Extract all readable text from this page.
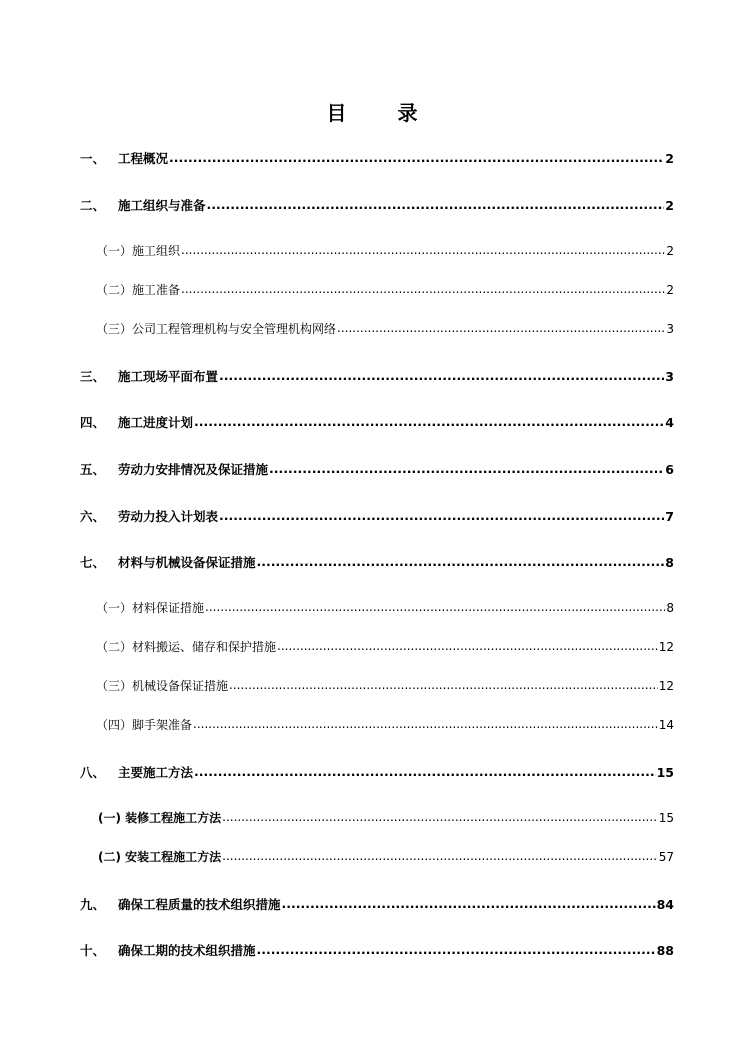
目 录
一、	工程概况 .....	2
二、	施工组织与准备 .....	2
（一）施工组织 .....	2
（二）施工准备 .....	2
（三）公司工程管理机构与安全管理机构网络 .....	3
三、	施工现场平面布置 .....	3
四、	施工进度计划 .....	4
五、	劳动力安排情况及保证措施 .....	6
六、	劳动力投入计划表 .....	7
七、	材料与机械设备保证措施 .....	8
（一）材料保证措施 .....	8
（二）材料搬运、储存和保护措施 .....	12
（三）机械设备保证措施 .....	12
（四）脚手架准备 .....	14
八、	主要施工方法 .....	15
(一) 装修工程施工方法 .....	15
(二) 安装工程施工方法 .....	57
九、	确保工程质量的技术组织措施 .....	84
十、	确保工期的技术组织措施 .....	88
